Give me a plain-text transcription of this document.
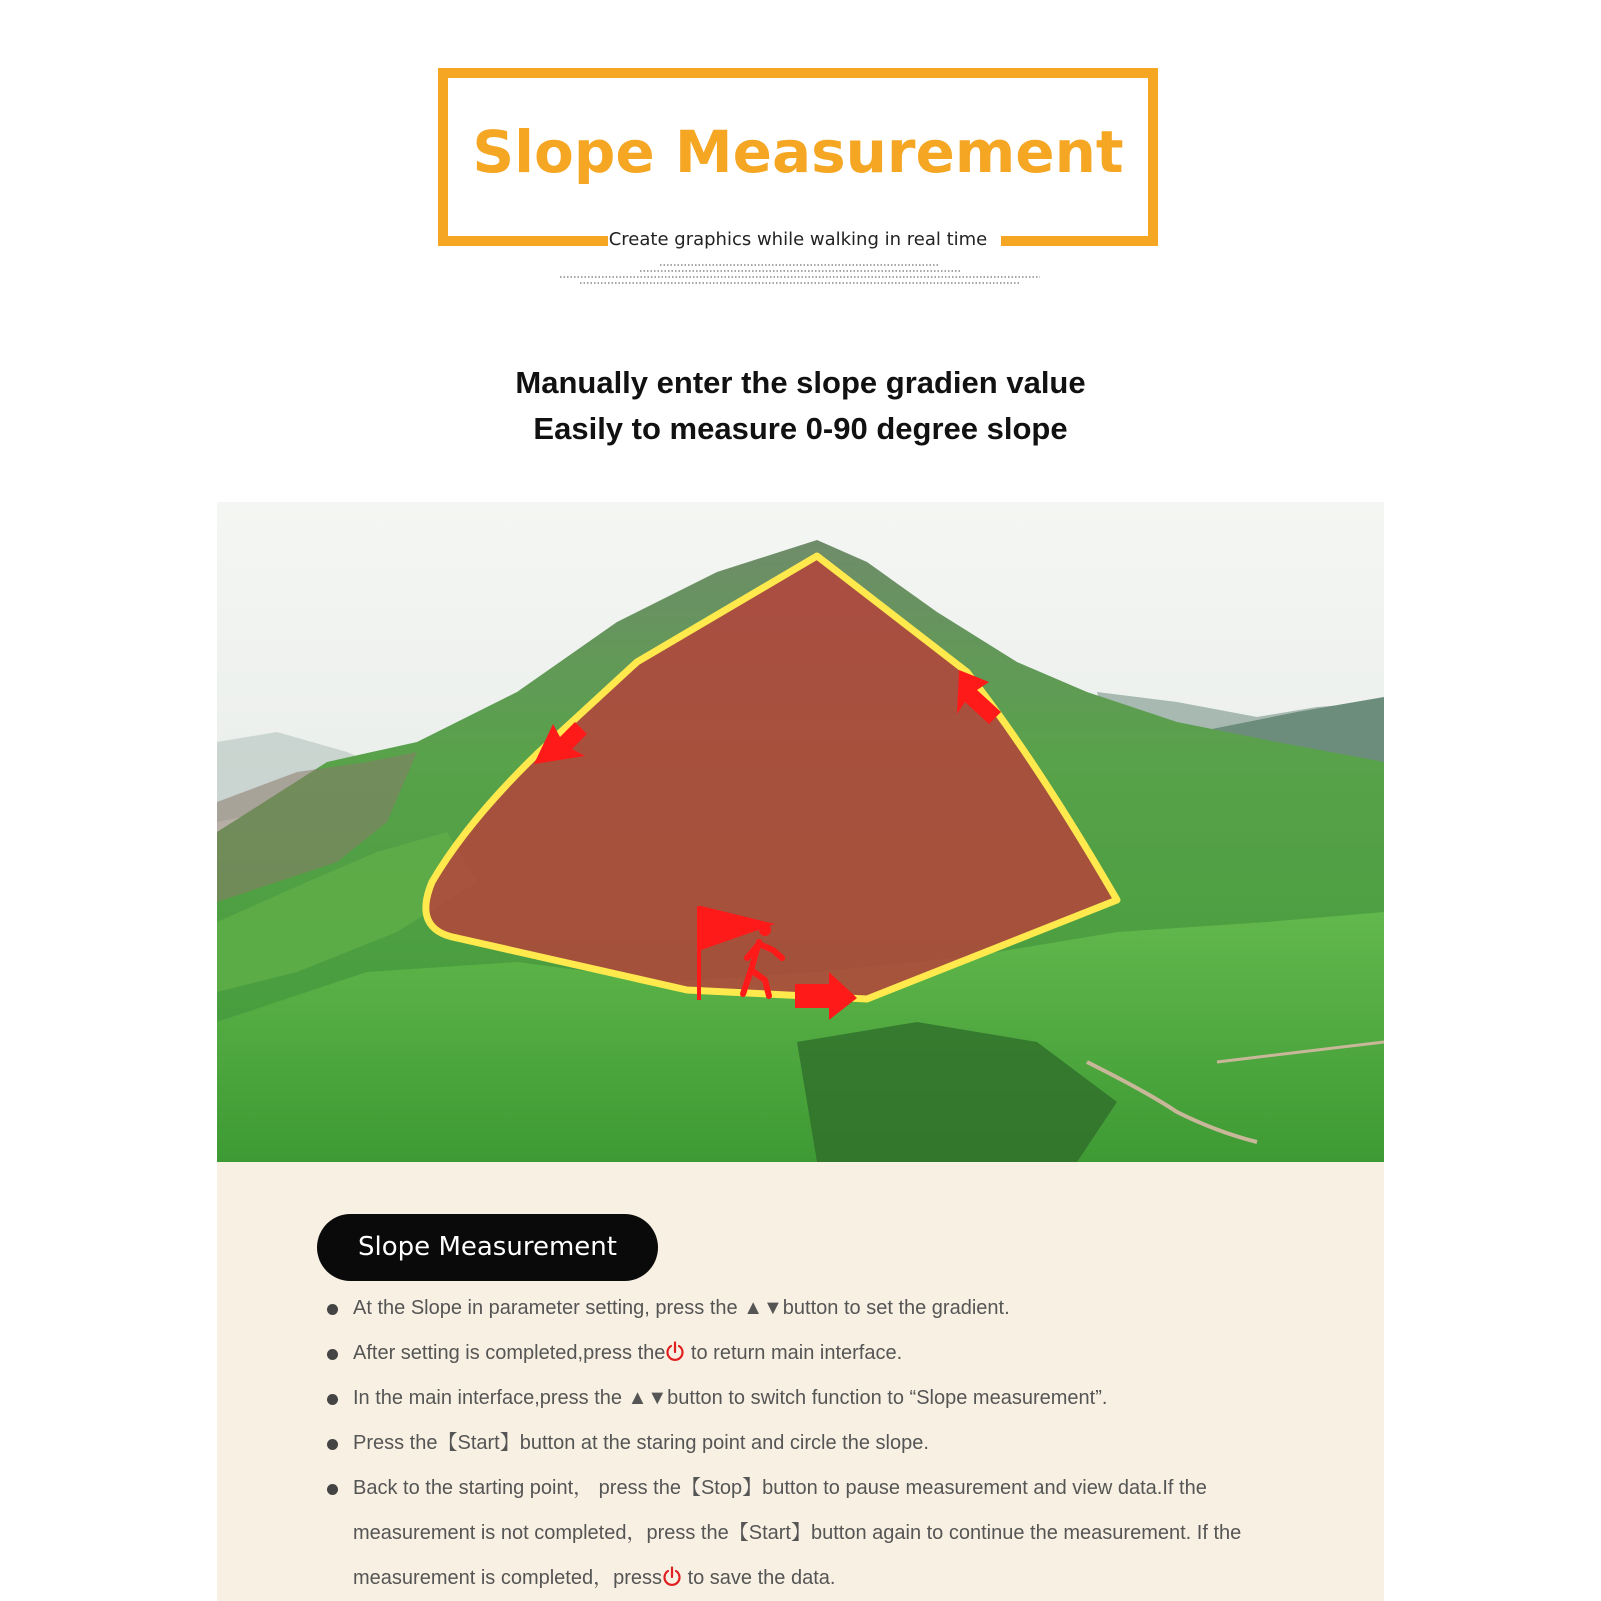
Slope Measurement

Create graphics while walking in real time

Manually enter the slope gradien value
Easily to measure 0-90 degree slope
Slope Measurement
At the Slope in parameter setting, press the ▲▼button to set the gradient.
After setting is completed,press the to return main interface.
In the main interface,press the ▲▼button to switch function to “Slope measurement”.
Press the【Start】button at the staring point and circle the slope.
Back to the starting point， press the【Stop】button to pause measurement and view data.If the measurement is not completed，press the【Start】button again to continue the measurement. If the measurement is completed，press to save the data.
